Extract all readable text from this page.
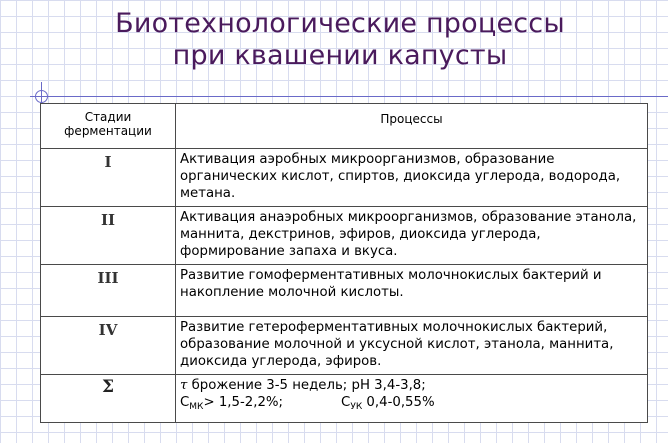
Биотехнологические процессы
при квашении капусты
Стадии
ферментации	Процессы
I	Активация аэробных микроорганизмов, образование органических кислот, спиртов, диоксида углерода, водорода, метана.
II	Активация анаэробных микроорганизмов, образование этанола, маннита, декстринов, эфиров, диоксида углерода, формирование запаха и вкуса.
III	Развитие гомоферментативных молочнокислых бактерий и накопление молочной кислоты.
IV	Развитие гетероферментативных молочнокислых бактерий, образование молочной и уксусной кислот, этанола, маннита, диоксида углерода, эфиров.
Σ	τ брожение 3-5 недель; pH 3,4-3,8;
$С_{МК}> 1,5-2,2\%$; $С_{УК}$ 0,4-0,55%
